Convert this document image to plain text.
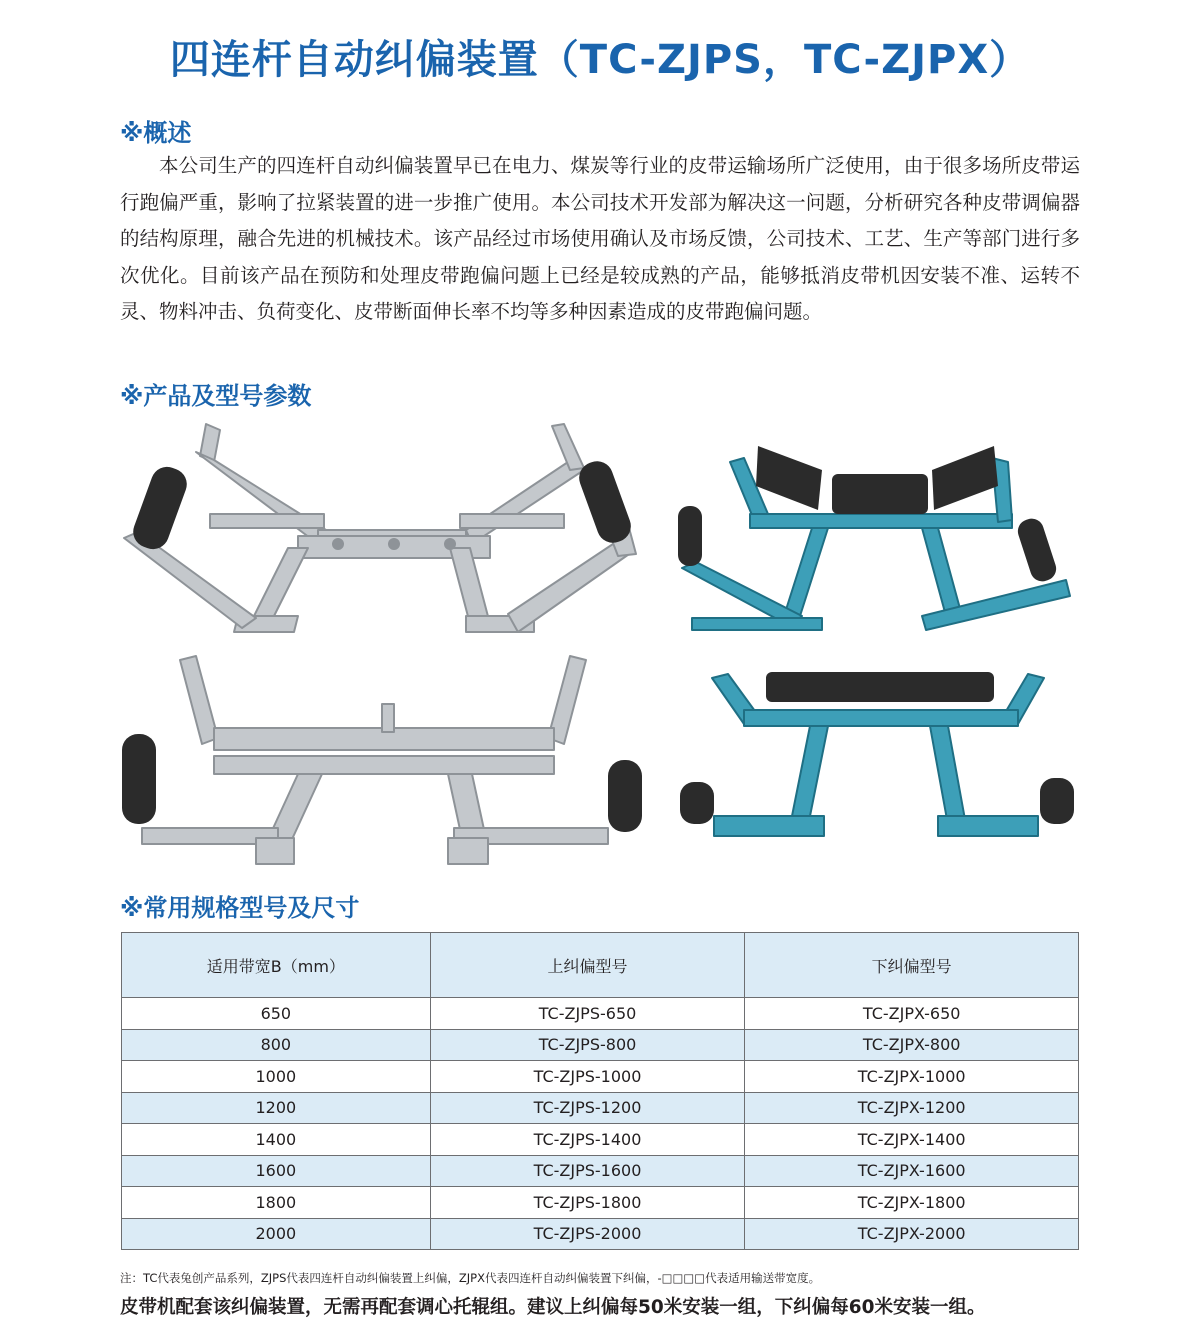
四连杆自动纠偏装置（TC-ZJPS，TC-ZJPX）
※概述

本公司生产的四连杆自动纠偏装置早已在电力、煤炭等行业的皮带运输场所广泛使用，由于很多场所皮带运行跑偏严重，影响了拉紧装置的进一步推广使用。本公司技术开发部为解决这一问题，分析研究各种皮带调偏器的结构原理，融合先进的机械技术。该产品经过市场使用确认及市场反馈，公司技术、工艺、生产等部门进行多次优化。目前该产品在预防和处理皮带跑偏问题上已经是较成熟的产品，能够抵消皮带机因安装不准、运转不灵、物料冲击、负荷变化、皮带断面伸长率不均等多种因素造成的皮带跑偏问题。

※产品及型号参数
※常用规格型号及尺寸
适用带宽B（mm）	上纠偏型号	下纠偏型号
650	TC-ZJPS-650	TC-ZJPX-650
800	TC-ZJPS-800	TC-ZJPX-800
1000	TC-ZJPS-1000	TC-ZJPX-1000
1200	TC-ZJPS-1200	TC-ZJPX-1200
1400	TC-ZJPS-1400	TC-ZJPX-1400
1600	TC-ZJPS-1600	TC-ZJPX-1600
1800	TC-ZJPS-1800	TC-ZJPX-1800
2000	TC-ZJPS-2000	TC-ZJPX-2000
注：TC代表兔创产品系列，ZJPS代表四连杆自动纠偏装置上纠偏，ZJPX代表四连杆自动纠偏装置下纠偏，-□□□□代表适用输送带宽度。
皮带机配套该纠偏装置，无需再配套调心托辊组。建议上纠偏每50米安装一组，下纠偏每60米安装一组。
